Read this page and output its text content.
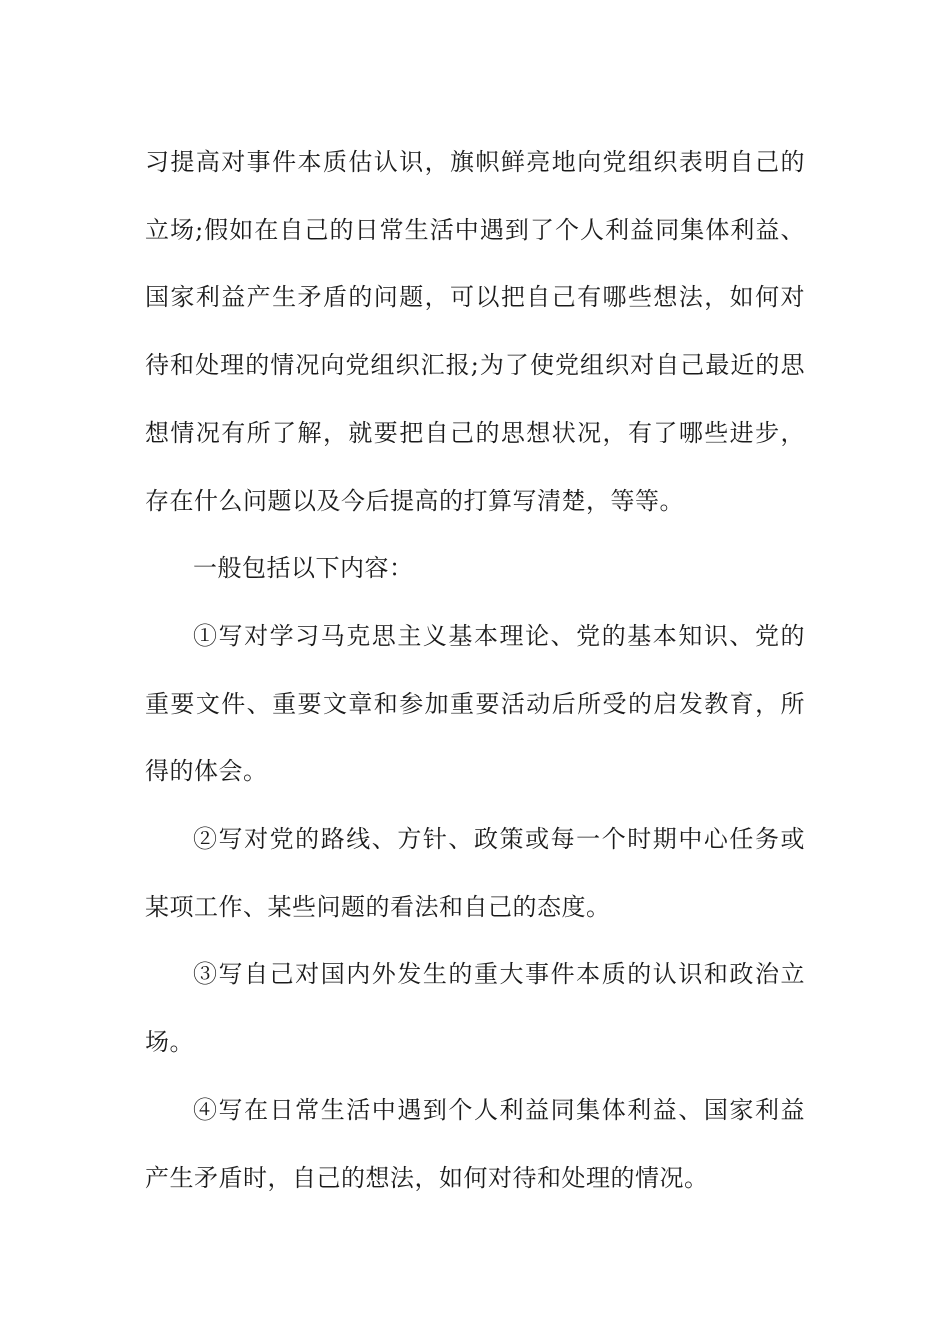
习提高对事件本质估认识，旗帜鲜亮地向党组织表明自己的立场;假如在自己的日常生活中遇到了个人利益同集体利益、国家利益产生矛盾的问题，可以把自己有哪些想法，如何对待和处理的情况向党组织汇报;为了使党组织对自己最近的思想情况有所了解，就要把自己的思想状况，有了哪些进步，存在什么问题以及今后提高的打算写清楚，等等。

一般包括以下内容：

①写对学习马克思主义基本理论、党的基本知识、党的重要文件、重要文章和参加重要活动后所受的启发教育，所得的体会。

②写对党的路线、方针、政策或每一个时期中心任务或某项工作、某些问题的看法和自己的态度。

③写自己对国内外发生的重大事件本质的认识和政治立场。

④写在日常生活中遇到个人利益同集体利益、国家利益产生矛盾时，自己的想法，如何对待和处理的情况。
